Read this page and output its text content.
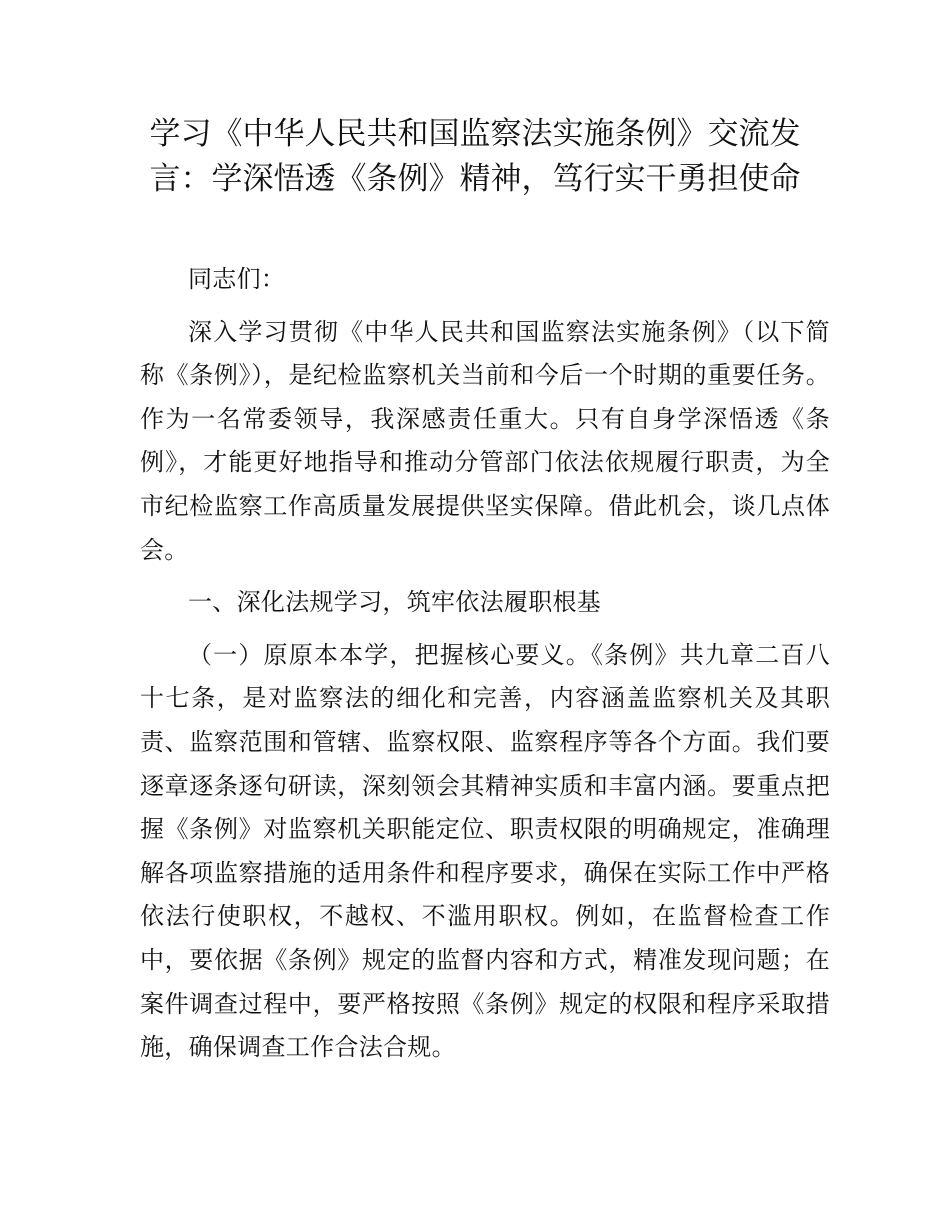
学习《中华人民共和国监察法实施条例》交流发言：学深悟透《条例》精神，笃行实干勇担使命

同志们：

深入学习贯彻《中华人民共和国监察法实施条例》（以下简称《条例》），是纪检监察机关当前和今后一个时期的重要任务。作为一名常委领导，我深感责任重大。只有自身学深悟透《条例》，才能更好地指导和推动分管部门依法依规履行职责，为全市纪检监察工作高质量发展提供坚实保障。借此机会，谈几点体会。

一、深化法规学习，筑牢依法履职根基

（一）原原本本学，把握核心要义。《条例》共九章二百八十七条，是对监察法的细化和完善，内容涵盖监察机关及其职责、监察范围和管辖、监察权限、监察程序等各个方面。我们要逐章逐条逐句研读，深刻领会其精神实质和丰富内涵。要重点把握《条例》对监察机关职能定位、职责权限的明确规定，准确理解各项监察措施的适用条件和程序要求，确保在实际工作中严格依法行使职权，不越权、不滥用职权。例如，在监督检查工作中，要依据《条例》规定的监督内容和方式，精准发现问题；在案件调查过程中，要严格按照《条例》规定的权限和程序采取措施，确保调查工作合法合规。
